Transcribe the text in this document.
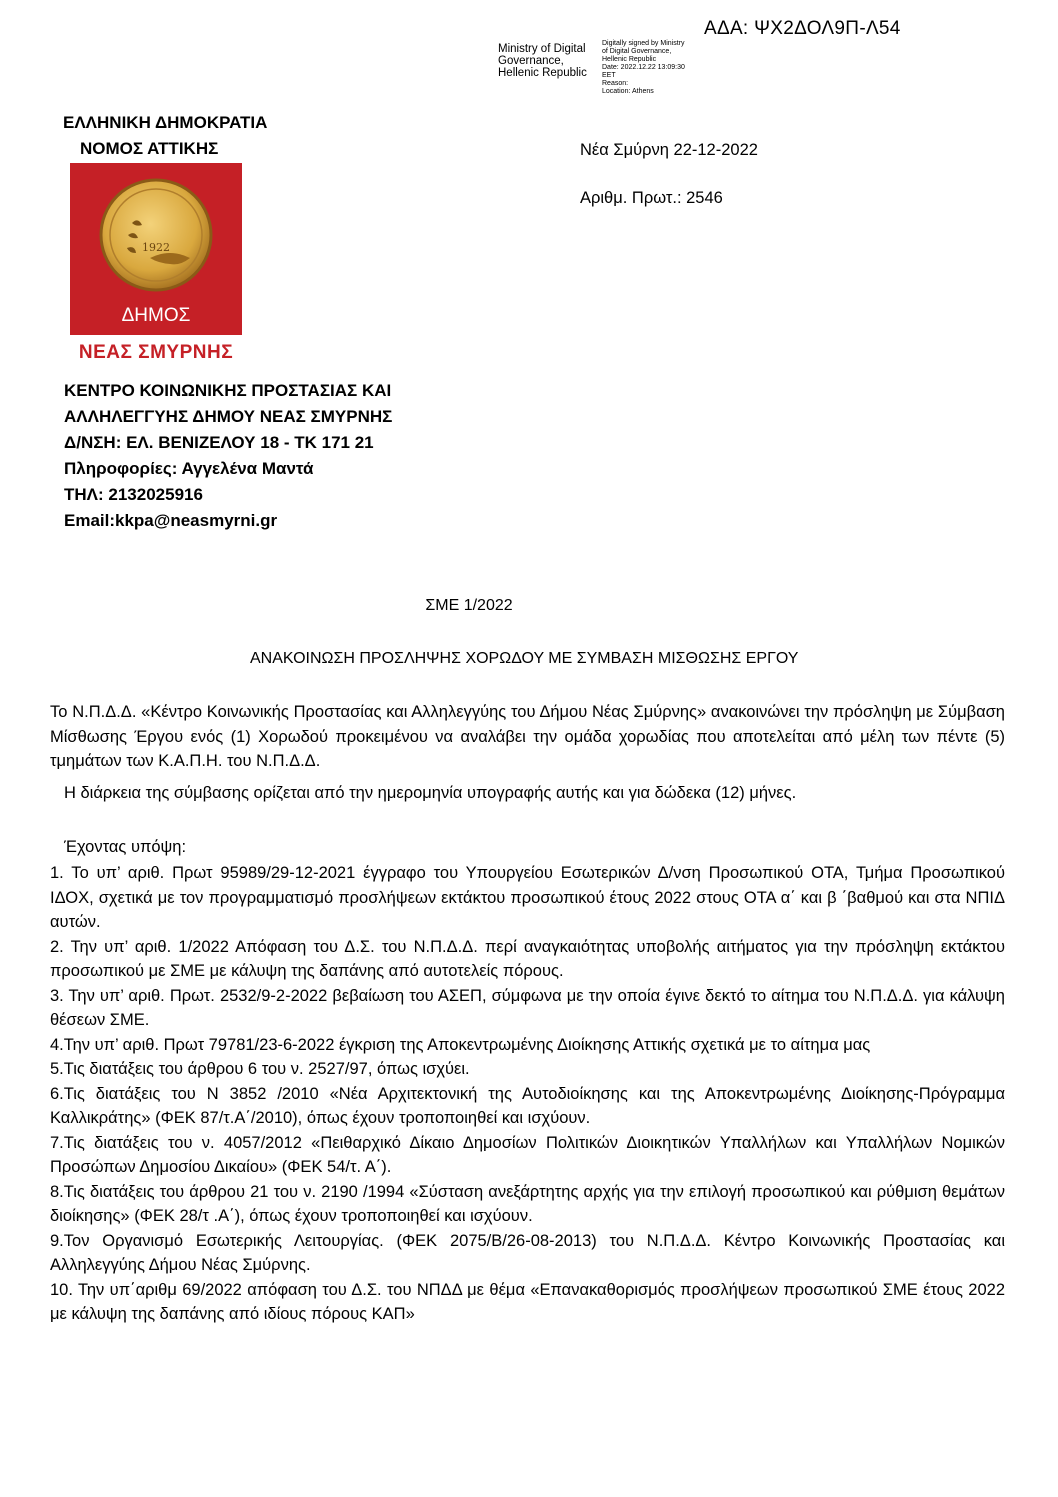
ΑΔΑ: ΨΧ2ΔΟΛ9Π-Λ54
Ministry of Digital
Governance,
Hellenic Republic
Digitally signed by Ministry
of Digital Governance,
Hellenic Republic
Date: 2022.12.22 13:09:30
EET
Reason:
Location: Athens
ΕΛΛΗΝΙΚΗ ΔΗΜΟΚΡΑΤΙΑ
ΝΟΜΟΣ ΑΤΤΙΚΗΣ
1922
ΔΗΜΟΣ
ΝΕΑΣ ΣΜΥΡΝΗΣ
Νέα Σμύρνη 22-12-2022
Αριθμ. Πρωτ.: 2546
ΚΕΝΤΡΟ ΚΟΙΝΩΝΙΚΗΣ ΠΡΟΣΤΑΣΙΑΣ ΚΑΙ
ΑΛΛΗΛΕΓΓΥΗΣ ΔΗΜΟΥ ΝΕΑΣ ΣΜΥΡΝΗΣ
Δ/ΝΣΗ: ΕΛ. ΒΕΝΙΖΕΛΟΥ 18 - ΤΚ 171 21
Πληροφορίες: Αγγελένα Μαντά
ΤΗΛ: 2132025916
Email:kkpa@neasmyrni.gr
ΣΜΕ 1/2022
ΑΝΑΚΟΙΝΩΣΗ ΠΡΟΣΛΗΨΗΣ ΧΟΡΩΔΟΥ ΜΕ ΣΥΜΒΑΣΗ ΜΙΣΘΩΣΗΣ ΕΡΓΟΥ
Το Ν.Π.Δ.Δ. «Κέντρο Κοινωνικής Προστασίας και Αλληλεγγύης του Δήμου Νέας Σμύρνης» ανακοινώνει την πρόσληψη με Σύμβαση Μίσθωσης Έργου ενός (1) Χορωδού προκειμένου να αναλάβει την ομάδα χορωδίας που αποτελείται από μέλη των πέντε (5) τμημάτων των Κ.Α.Π.Η. του Ν.Π.Δ.Δ.
Η διάρκεια της σύμβασης ορίζεται από την ημερομηνία υπογραφής αυτής και για δώδεκα (12) μήνες.
Έχοντας υπόψη:
1. Το υπ’ αριθ. Πρωτ 95989/29-12-2021 έγγραφο του Υπουργείου Εσωτερικών Δ/νση Προσωπικού ΟΤΑ, Τμήμα Προσωπικού ΙΔΟΧ, σχετικά με τον προγραμματισμό προσλήψεων εκτάκτου προσωπικού έτους 2022 στους ΟΤΑ α΄ και β ΄βαθμού και στα ΝΠΙΔ αυτών.
2. Την υπ’ αριθ. 1/2022 Απόφαση του Δ.Σ. του Ν.Π.Δ.Δ. περί αναγκαιότητας υποβολής αιτήματος για την πρόσληψη εκτάκτου προσωπικού με ΣΜΕ με κάλυψη της δαπάνης από αυτοτελείς πόρους.
3. Την υπ’ αριθ. Πρωτ. 2532/9-2-2022 βεβαίωση του ΑΣΕΠ, σύμφωνα με την οποία έγινε δεκτό το αίτημα του Ν.Π.Δ.Δ. για κάλυψη θέσεων ΣΜΕ.
4.Την υπ’ αριθ. Πρωτ 79781/23-6-2022 έγκριση της Αποκεντρωμένης Διοίκησης Αττικής σχετικά με το αίτημα μας
5.Τις διατάξεις του άρθρου 6 του ν. 2527/97, όπως ισχύει.
6.Τις διατάξεις του Ν 3852 /2010 «Νέα Αρχιτεκτονική της Αυτοδιοίκησης και της Αποκεντρωμένης Διοίκησης-Πρόγραμμα Καλλικράτης» (ΦΕΚ 87/τ.Α΄/2010), όπως έχουν τροποποιηθεί και ισχύουν.
7.Τις διατάξεις του ν. 4057/2012 «Πειθαρχικό Δίκαιο Δημοσίων Πολιτικών Διοικητικών Υπαλλήλων και Υπαλλήλων Νομικών Προσώπων Δημοσίου Δικαίου» (ΦΕΚ 54/τ. Α΄).
8.Τις διατάξεις του άρθρου 21 του ν. 2190 /1994 «Σύσταση ανεξάρτητης αρχής για την επιλογή προσωπικού και ρύθμιση θεμάτων διοίκησης» (ΦΕΚ 28/τ .Α΄), όπως έχουν τροποποιηθεί και ισχύουν.
9.Τον Οργανισμό Εσωτερικής Λειτουργίας. (ΦΕΚ 2075/Β/26-08-2013) του Ν.Π.Δ.Δ. Κέντρο Κοινωνικής Προστασίας και Αλληλεγγύης Δήμου Νέας Σμύρνης.
10. Την υπ΄αριθμ 69/2022 απόφαση του Δ.Σ. του ΝΠΔΔ με θέμα «Επανακαθορισμός προσλήψεων προσωπικού ΣΜΕ έτους 2022 με κάλυψη της δαπάνης από ιδίους πόρους ΚΑΠ»
